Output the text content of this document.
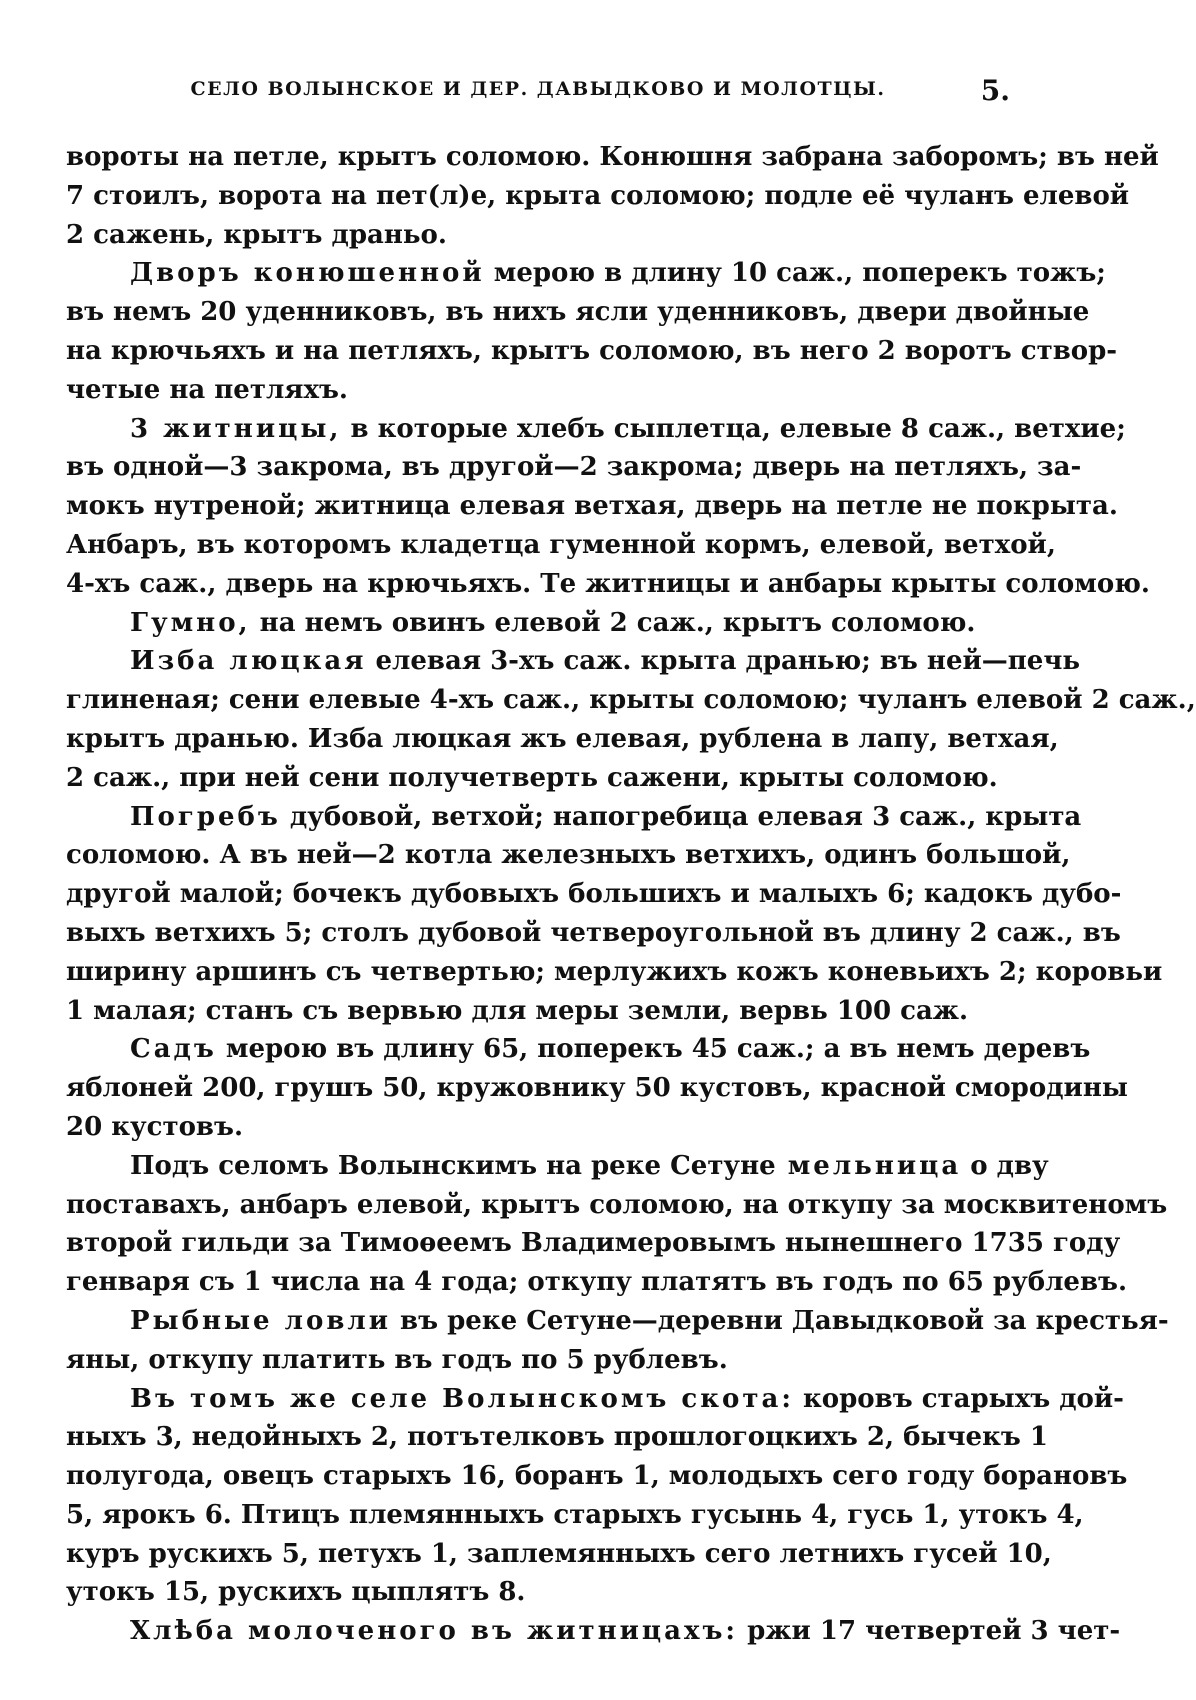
СЕЛО ВОЛЫНСКОЕ И ДЕР. ДАВЫДКОВО И МОЛОТЦЫ.	5.
вороты на петле, крытъ соломою. Конюшня забрана заборомъ; въ ней
7 стоилъ, ворота на пет(л)е, крыта соломою; подле её чуланъ елевой
2 сажень, крытъ драньо.
Дворъ конюшенной мерою в длину 10 саж., поперекъ тожъ;
въ немъ 20 уденниковъ, въ нихъ ясли уденниковъ, двери двойные
на крючьяхъ и на петляхъ, крытъ соломою, въ него 2 воротъ створ-
четые на петляхъ.
3 житницы, в которые хлебъ сыплетца, елевые 8 саж., ветхие;
въ одной—3 закрома, въ другой—2 закрома; дверь на петляхъ, за-
мокъ нутреной; житница елевая ветхая, дверь на петле не покрыта.
Анбаръ, въ которомъ кладетца гуменной кормъ, елевой, ветхой,
4-хъ саж., дверь на крючьяхъ. Те житницы и анбары крыты соломою.
Гумно, на немъ овинъ елевой 2 саж., крытъ соломою.
Изба люцкая елевая 3-хъ саж. крыта дранью; въ ней—печь
глиненая; сени елевые 4-хъ саж., крыты соломою; чуланъ елевой 2 саж.,
крытъ дранью. Изба люцкая жъ елевая, рублена в лапу, ветхая,
2 саж., при ней сени получетверть сажени, крыты соломою.
Погребъ дубовой, ветхой; напогребица елевая 3 саж., крыта
соломою. А въ ней—2 котла железныхъ ветхихъ, одинъ большой,
другой малой; бочекъ дубовыхъ большихъ и малыхъ 6; кадокъ дубо-
выхъ ветхихъ 5; столъ дубовой четвероугольной въ длину 2 саж., въ
ширину аршинъ съ четвертью; мерлужихъ кожъ коневьихъ 2; коровьи
1 малая; станъ съ вервью для меры земли, вервь 100 саж.
Садъ мерою въ длину 65, поперекъ 45 саж.; а въ немъ деревъ
яблоней 200, грушъ 50, кружовнику 50 кустовъ, красной смородины
20 кустовъ.
Подъ селомъ Волынскимъ на реке Сетуне мельница о дву
поставахъ, анбаръ елевой, крытъ соломою, на откупу за москвитеномъ
второй гильди за Тимоѳеемъ Владимеровымъ нынешнего 1735 году
генваря съ 1 числа на 4 года; откупу платятъ въ годъ по 65 рублевъ.
Рыбные ловли въ реке Сетуне—деревни Давыдковой за крестья-
яны, откупу платить въ годъ по 5 рублевъ.
Въ томъ же селе Волынскомъ скота: коровъ старыхъ дой-
ныхъ 3, недойныхъ 2, потътелковъ прошлогоцкихъ 2, бычекъ 1
полугода, овецъ старыхъ 16, боранъ 1, молодыхъ сего году борановъ
5, ярокъ 6. Птицъ племянныхъ старыхъ гусынь 4, гусь 1, утокъ 4,
куръ рускихъ 5, петухъ 1, заплемянныхъ сего летнихъ гусей 10,
утокъ 15, рускихъ цыплятъ 8.
Хлѣба молоченого въ житницахъ: ржи 17 четвертей 3 чет-
